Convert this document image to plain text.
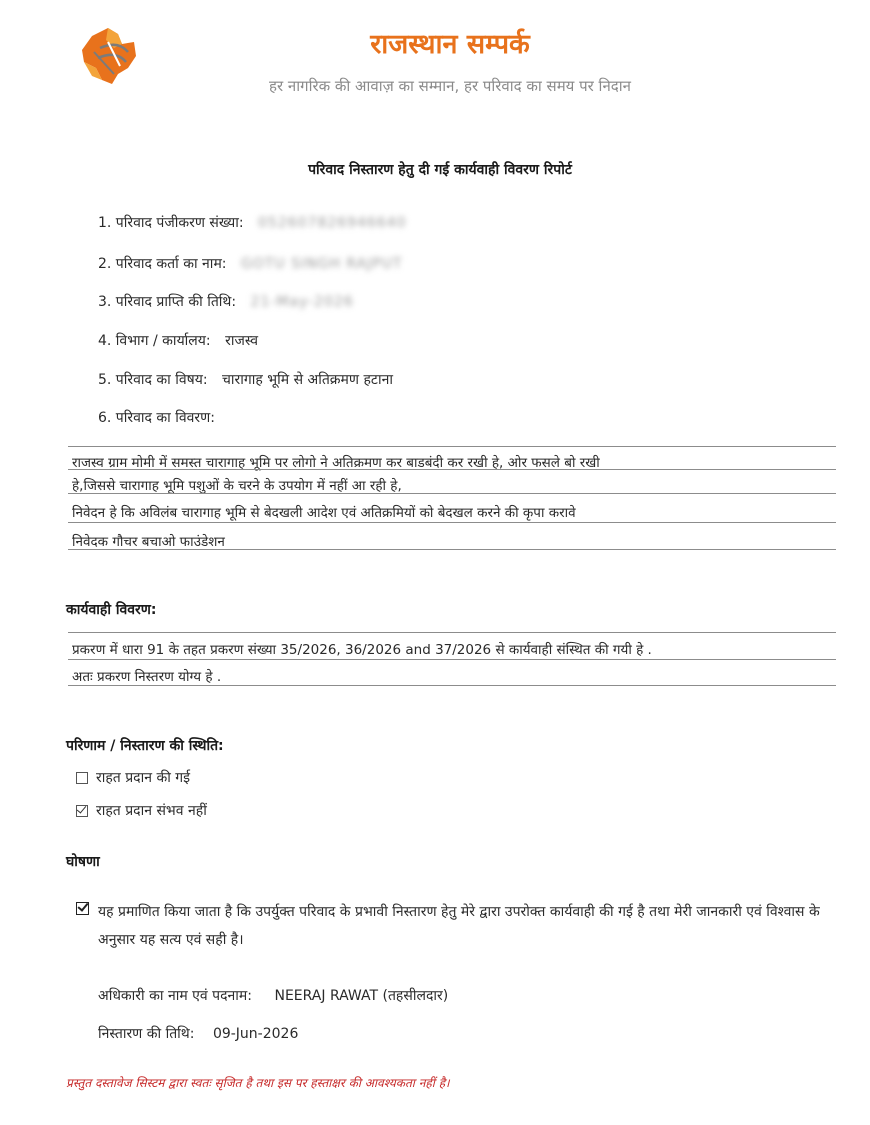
राजस्थान सम्पर्क
हर नागरिक की आवाज़ का सम्मान, हर परिवाद का समय पर निदान
परिवाद निस्तारण हेतु दी गई कार्यवाही विवरण रिपोर्ट
1. परिवाद पंजीकरण संख्या: 052607826946640
2. परिवाद कर्ता का नाम: GOTU SINGH RAJPUT
3. परिवाद प्राप्ति की तिथि: 21-May-2026
4. विभाग / कार्यालय: राजस्व
5. परिवाद का विषय: चारागाह भूमि से अतिक्रमण हटाना
6. परिवाद का विवरण:
राजस्व ग्राम मोमी में समस्त चारागाह भूमि पर लोगो ने अतिक्रमण कर बाडबंदी कर रखी हे, ओर फसले बो रखी
हे,जिससे चारागाह भूमि पशुओं के चरने के उपयोग में नहीं आ रही हे,
निवेदन हे कि अविलंब चारागाह भूमि से बेदखली आदेश एवं अतिक्रमियों को बेदखल करने की कृपा करावे
निवेदक गौचर बचाओ फाउंडेशन
कार्यवाही विवरण:
प्रकरण में धारा 91 के तहत प्रकरण संख्या 35/2026, 36/2026 and 37/2026 से कार्यवाही संस्थित की गयी हे .
अतः प्रकरण निस्तरण योग्य हे .
परिणाम / निस्तारण की स्थिति:
राहत प्रदान की गई
राहत प्रदान संभव नहीं
घोषणा
यह प्रमाणित किया जाता है कि उपर्युक्त परिवाद के प्रभावी निस्तारण हेतु मेरे द्वारा उपरोक्त कार्यवाही की गई है तथा मेरी जानकारी एवं विश्वास के अनुसार यह सत्य एवं सही है।
अधिकारी का नाम एवं पदनाम: NEERAJ RAWAT (तहसीलदार)
निस्तारण की तिथि: 09-Jun-2026
प्रस्तुत दस्तावेज सिस्टम द्वारा स्वतः सृजित है तथा इस पर हस्ताक्षर की आवश्यकता नहीं है।
